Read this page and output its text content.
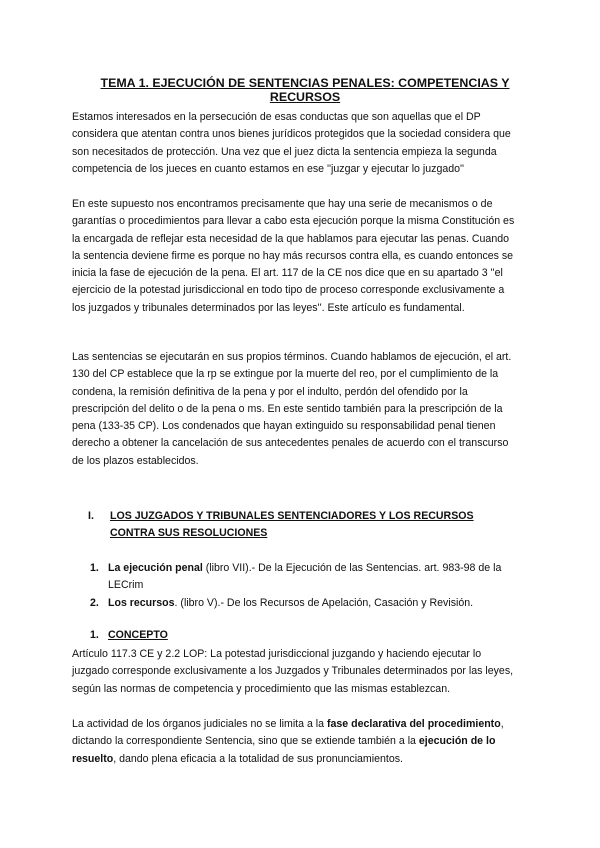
TEMA 1. EJECUCIÓN DE SENTENCIAS PENALES: COMPETENCIAS Y RECURSOS
Estamos interesados en la persecución de esas conductas que son aquellas que el DP considera que atentan contra unos bienes jurídicos protegidos que la sociedad considera que son necesitados de protección. Una vez que el juez dicta la sentencia empieza la segunda competencia de los jueces en cuanto estamos en ese ''juzgar y ejecutar lo juzgado''
En este supuesto nos encontramos precisamente que hay una serie de mecanismos o de garantías o procedimientos para llevar a cabo esta ejecución porque la misma Constitución es la encargada de reflejar esta necesidad de la que hablamos para ejecutar las penas. Cuando la sentencia deviene firme es porque no hay más recursos contra ella, es cuando entonces se inicia la fase de ejecución de la pena. El art. 117 de la CE nos dice que en su apartado 3 ''el ejercicio de la potestad jurisdiccional en todo tipo de proceso corresponde exclusivamente a los juzgados y tribunales determinados por las leyes''. Este artículo es fundamental.
Las sentencias se ejecutarán en sus propios términos. Cuando hablamos de ejecución, el art. 130 del CP establece que la rp se extingue por la muerte del reo, por el cumplimiento de la condena, la remisión definitiva de la pena y por el indulto, perdón del ofendido por la prescripción del delito o de la pena o ms. En este sentido también para la prescripción de la pena (133-35 CP). Los condenados que hayan extinguido su responsabilidad penal tienen derecho a obtener la cancelación de sus antecedentes penales de acuerdo con el transcurso de los plazos establecidos.
I. LOS JUZGADOS Y TRIBUNALES SENTENCIADORES Y LOS RECURSOS CONTRA SUS RESOLUCIONES
1. La ejecución penal (libro VII).- De la Ejecución de las Sentencias. art. 983-98 de la LECrim
2. Los recursos. (libro V).- De los Recursos de Apelación, Casación y Revisión.
1. CONCEPTO
Artículo 117.3 CE y 2.2 LOP: La potestad jurisdiccional juzgando y haciendo ejecutar lo juzgado corresponde exclusivamente a los Juzgados y Tribunales determinados por las leyes, según las normas de competencia y procedimiento que las mismas establezcan.
La actividad de los órganos judiciales no se limita a la fase declarativa del procedimiento, dictando la correspondiente Sentencia, sino que se extiende también a la ejecución de lo resuelto, dando plena eficacia a la totalidad de sus pronunciamientos.
